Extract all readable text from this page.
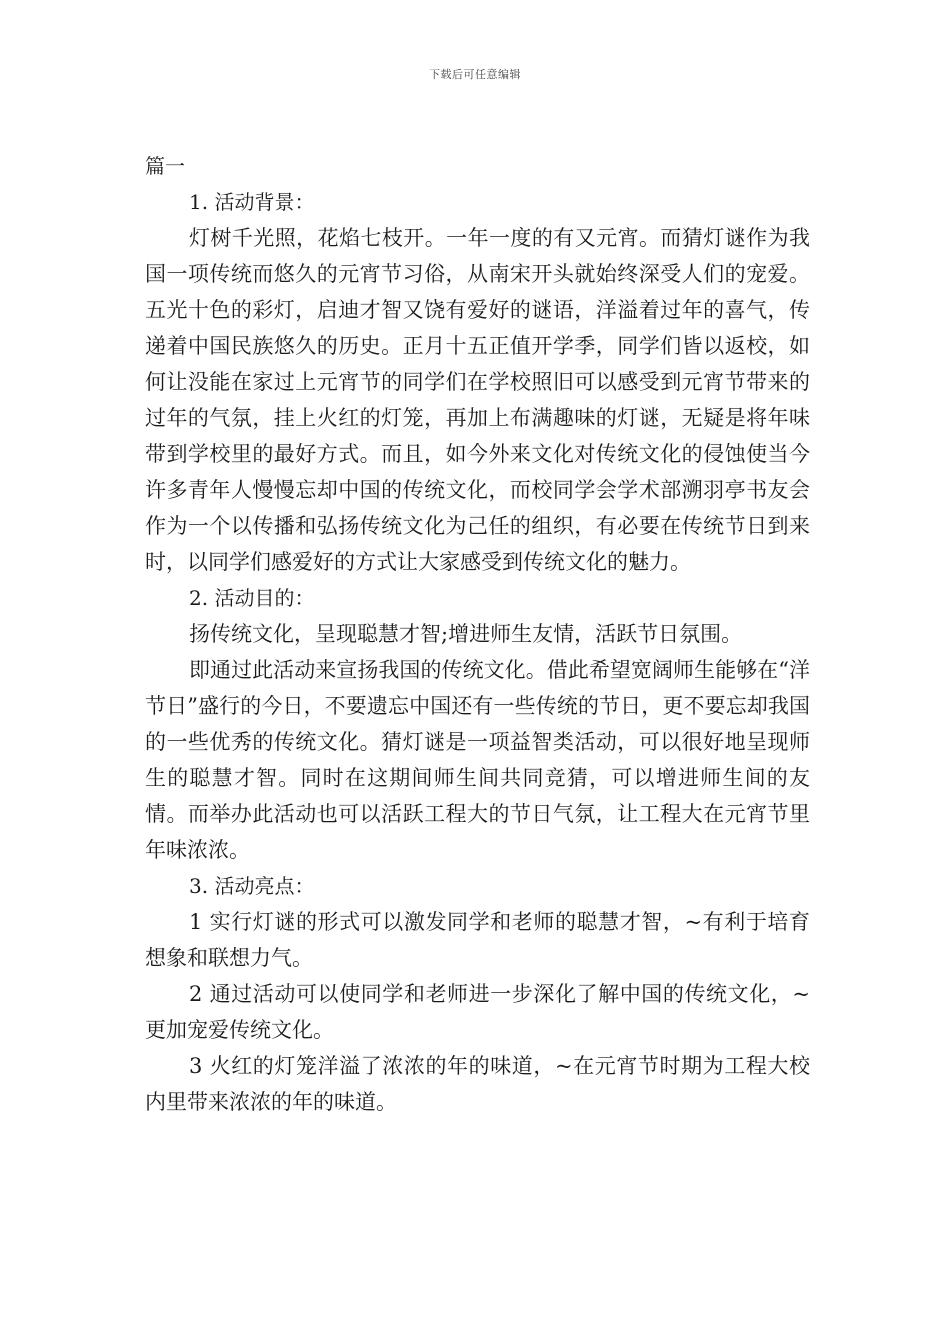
下载后可任意编辑

篇一

1. 活动背景：

灯树千光照，花焰七枝开。一年一度的有又元宵。而猜灯谜作为我国一项传统而悠久的元宵节习俗，从南宋开头就始终深受人们的宠爱。五光十色的彩灯，启迪才智又饶有爱好的谜语，洋溢着过年的喜气，传递着中国民族悠久的历史。正月十五正值开学季，同学们皆以返校，如何让没能在家过上元宵节的同学们在学校照旧可以感受到元宵节带来的过年的气氛，挂上火红的灯笼，再加上布满趣味的灯谜，无疑是将年味带到学校里的最好方式。而且，如今外来文化对传统文化的侵蚀使当今许多青年人慢慢忘却中国的传统文化，而校同学会学术部溯羽亭书友会作为一个以传播和弘扬传统文化为己任的组织，有必要在传统节日到来时，以同学们感爱好的方式让大家感受到传统文化的魅力。

2. 活动目的：

扬传统文化，呈现聪慧才智;增进师生友情，活跃节日氛围。

即通过此活动来宣扬我国的传统文化。借此希望宽阔师生能够在“洋节日”盛行的今日，不要遗忘中国还有一些传统的节日，更不要忘却我国的一些优秀的传统文化。猜灯谜是一项益智类活动，可以很好地呈现师生的聪慧才智。同时在这期间师生间共同竞猜，可以增进师生间的友情。而举办此活动也可以活跃工程大的节日气氛，让工程大在元宵节里年味浓浓。

3. 活动亮点：

1 实行灯谜的形式可以激发同学和老师的聪慧才智，~有利于培育想象和联想力气。

2 通过活动可以使同学和老师进一步深化了解中国的传统文化，~更加宠爱传统文化。

3 火红的灯笼洋溢了浓浓的年的味道，~在元宵节时期为工程大校内里带来浓浓的年的味道。
